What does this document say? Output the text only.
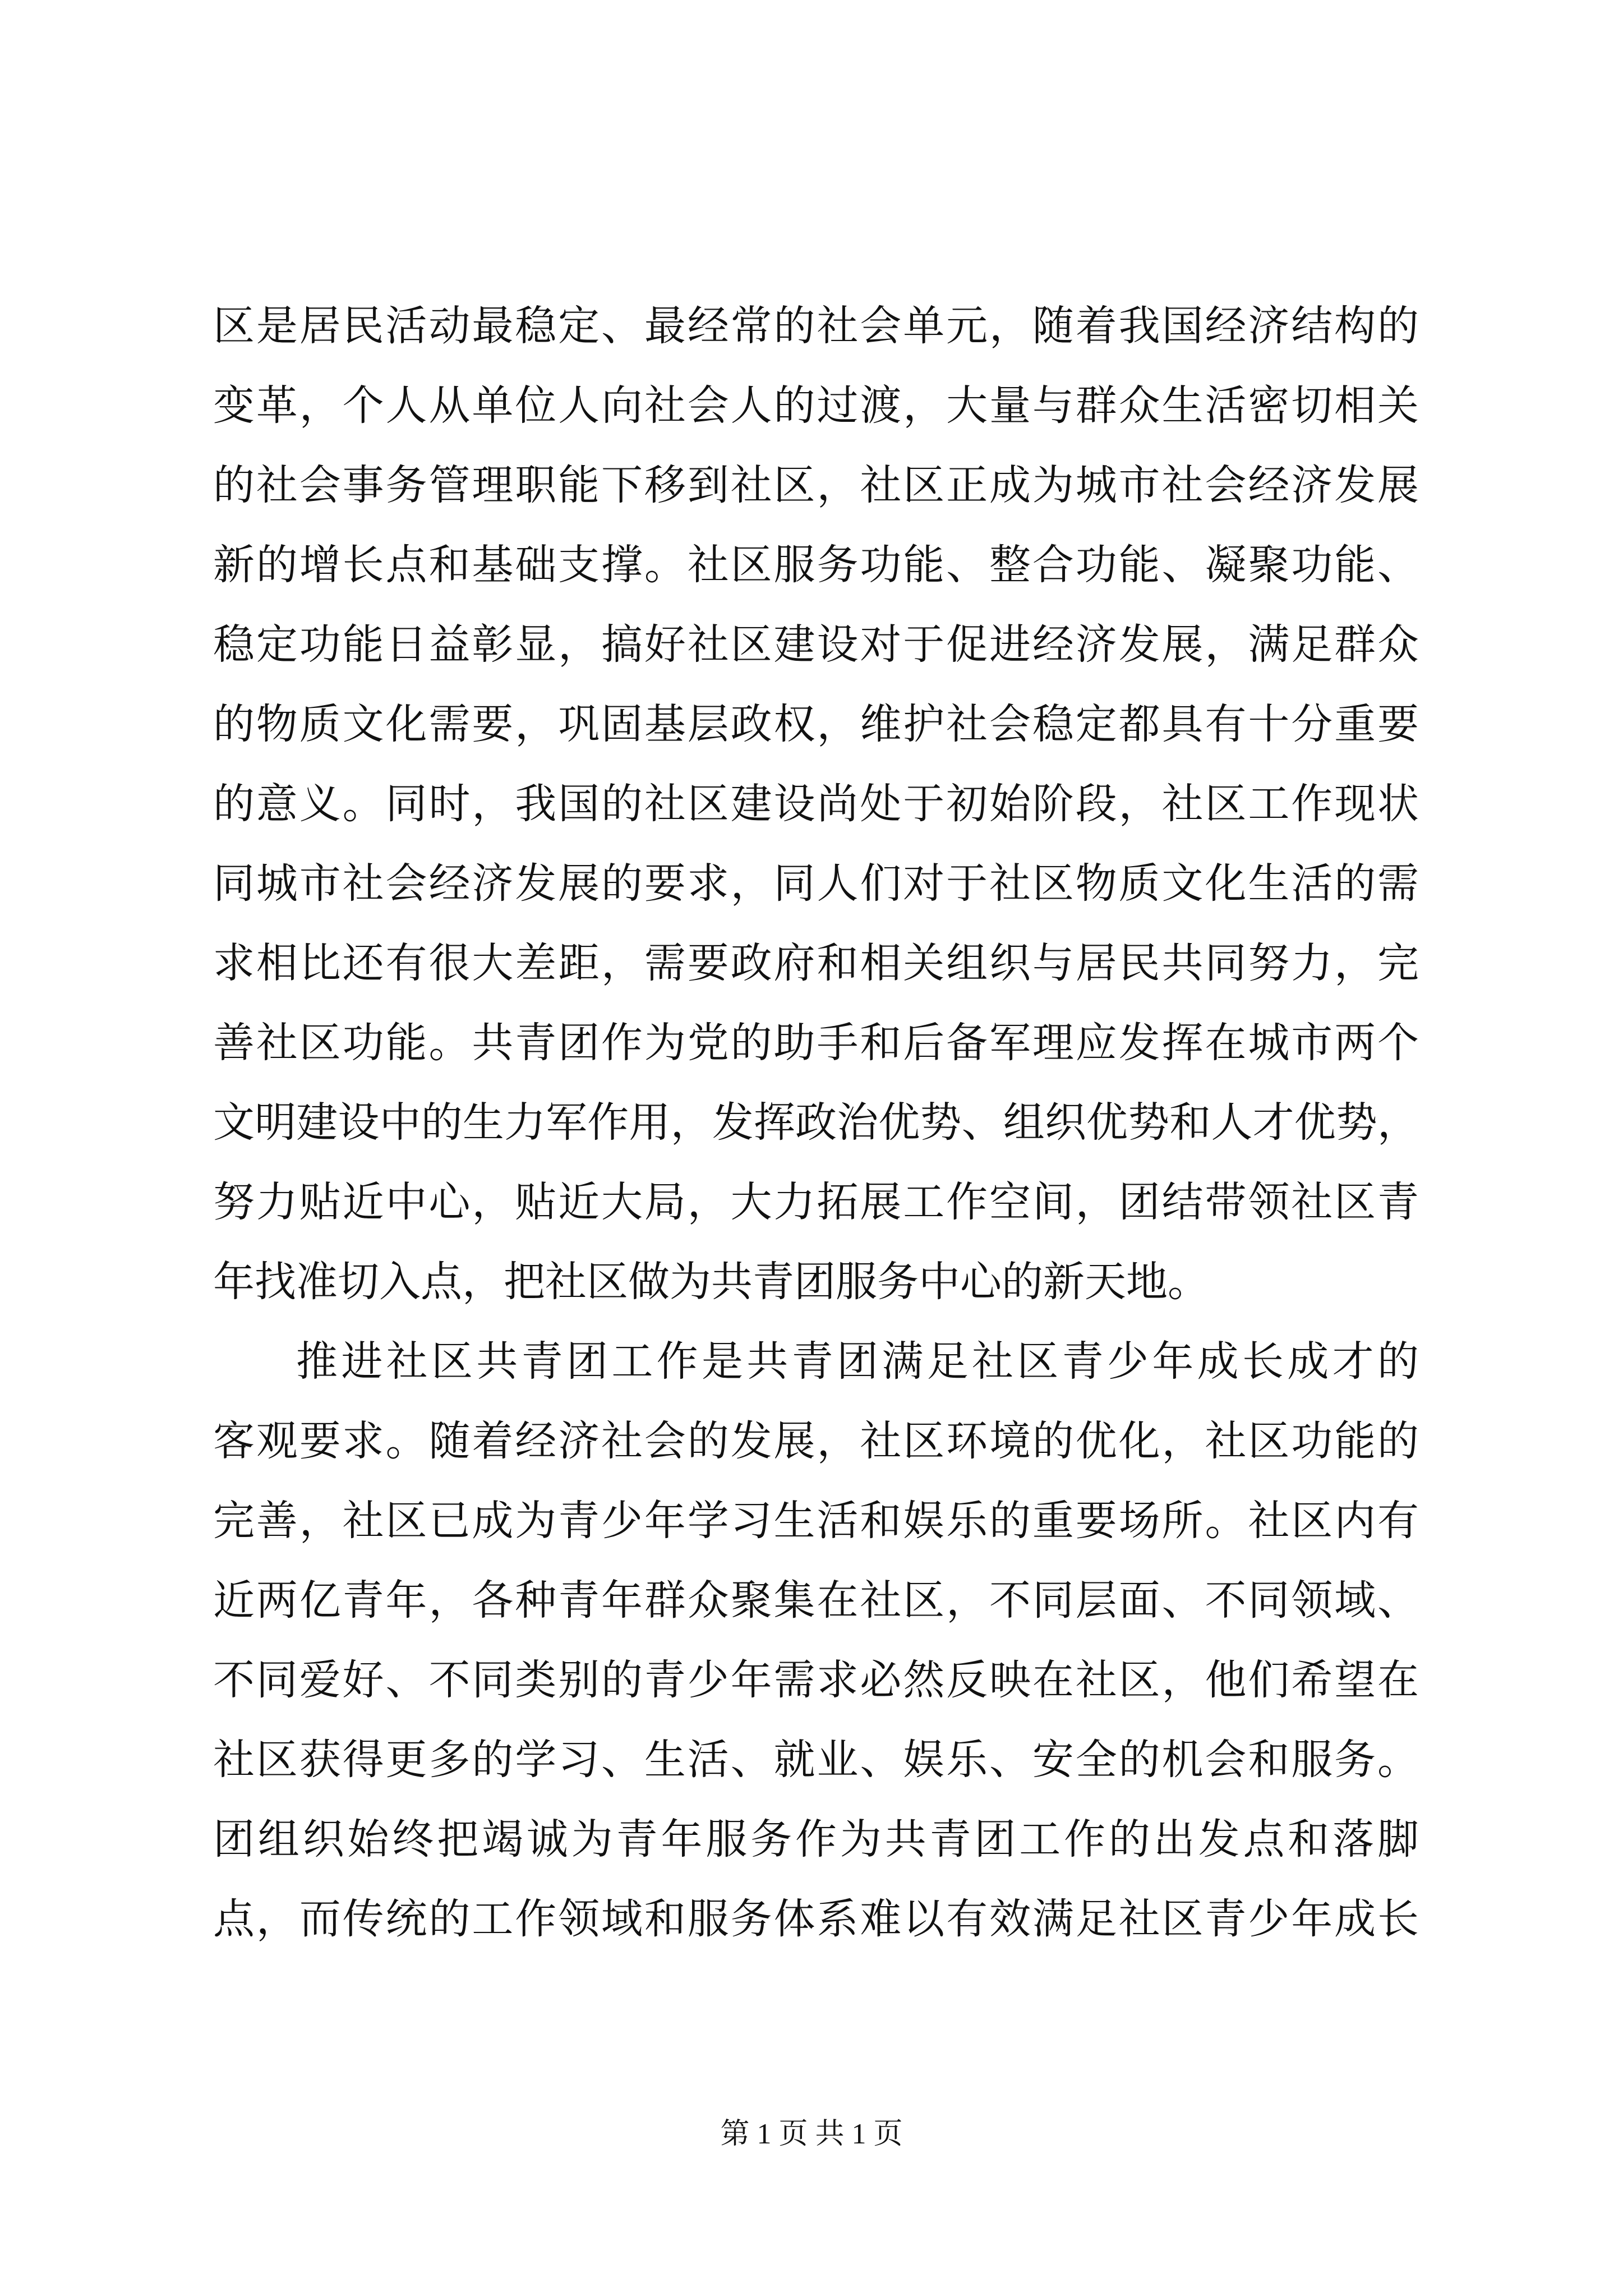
区是居民活动最稳定、最经常的社会单元，随着我国经济结构的
变革，个人从单位人向社会人的过渡，大量与群众生活密切相关
的社会事务管理职能下移到社区，社区正成为城市社会经济发展
新的增长点和基础支撑。社区服务功能、整合功能、凝聚功能、
稳定功能日益彰显，搞好社区建设对于促进经济发展，满足群众
的物质文化需要，巩固基层政权，维护社会稳定都具有十分重要
的意义。同时，我国的社区建设尚处于初始阶段，社区工作现状
同城市社会经济发展的要求，同人们对于社区物质文化生活的需
求相比还有很大差距，需要政府和相关组织与居民共同努力，完
善社区功能。共青团作为党的助手和后备军理应发挥在城市两个
文明建设中的生力军作用，发挥政治优势、组织优势和人才优势，
努力贴近中心，贴近大局，大力拓展工作空间，团结带领社区青
年找准切入点，把社区做为共青团服务中心的新天地。
推进社区共青团工作是共青团满足社区青少年成长成才的
客观要求。随着经济社会的发展，社区环境的优化，社区功能的
完善，社区已成为青少年学习生活和娱乐的重要场所。社区内有
近两亿青年，各种青年群众聚集在社区，不同层面、不同领域、
不同爱好、不同类别的青少年需求必然反映在社区，他们希望在
社区获得更多的学习、生活、就业、娱乐、安全的机会和服务。
团组织始终把竭诚为青年服务作为共青团工作的出发点和落脚
点，而传统的工作领域和服务体系难以有效满足社区青少年成长
第 1 页 共 1 页
